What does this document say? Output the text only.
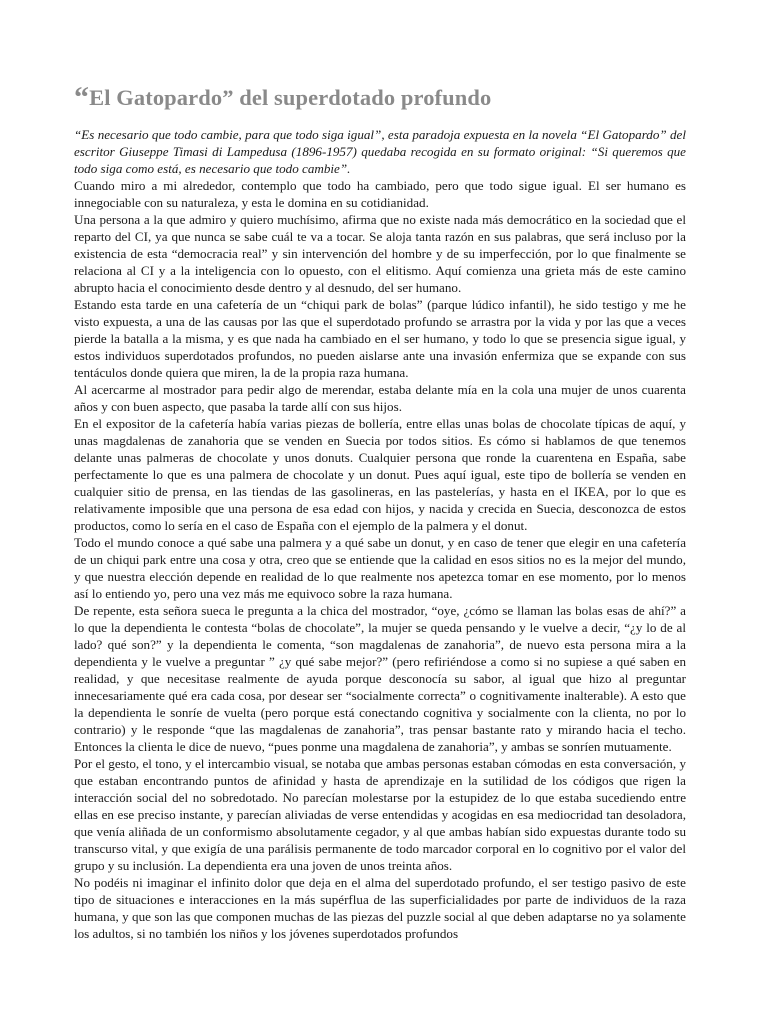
“El Gatopardo” del superdotado profundo

“Es necesario que todo cambie, para que todo siga igual”, esta paradoja expuesta en la novela “El Gatopardo” del escritor Giuseppe Timasi di Lampedusa (1896-1957) quedaba recogida en su formato original: “Si queremos que todo siga como está, es necesario que todo cambie”.

Cuando miro a mi alrededor, contemplo que todo ha cambiado, pero que todo sigue igual. El ser humano es innegociable con su naturaleza, y esta le domina en su cotidianidad.

Una persona a la que admiro y quiero muchísimo, afirma que no existe nada más democrático en la sociedad que el reparto del CI, ya que nunca se sabe cuál te va a tocar. Se aloja tanta razón en sus palabras, que será incluso por la existencia de esta “democracia real” y sin intervención del hombre y de su imperfección, por lo que finalmente se relaciona al CI y a la inteligencia con lo opuesto, con el elitismo. Aquí comienza una grieta más de este camino abrupto hacia el conocimiento desde dentro y al desnudo, del ser humano.

Estando esta tarde en una cafetería de un “chiqui park de bolas” (parque lúdico infantil), he sido testigo y me he visto expuesta, a una de las causas por las que el superdotado profundo se arrastra por la vida y por las que a veces pierde la batalla a la misma, y es que nada ha cambiado en el ser humano, y todo lo que se presencia sigue igual, y estos individuos superdotados profundos, no pueden aislarse ante una invasión enfermiza que se expande con sus tentáculos donde quiera que miren, la de la propia raza humana.

Al acercarme al mostrador para pedir algo de merendar, estaba delante mía en la cola una mujer de unos cuarenta años y con buen aspecto, que pasaba la tarde allí con sus hijos.

En el expositor de la cafetería había varias piezas de bollería, entre ellas unas bolas de chocolate típicas de aquí, y unas magdalenas de zanahoria que se venden en Suecia por todos sitios. Es cómo si hablamos de que tenemos delante unas palmeras de chocolate y unos donuts. Cualquier persona que ronde la cuarentena en España, sabe perfectamente lo que es una palmera de chocolate y un donut. Pues aquí igual, este tipo de bollería se venden en cualquier sitio de prensa, en las tiendas de las gasolineras, en las pastelerías, y hasta en el IKEA, por lo que es relativamente imposible que una persona de esa edad con hijos, y nacida y crecida en Suecia, desconozca de estos productos, como lo sería en el caso de España con el ejemplo de la palmera y el donut.

Todo el mundo conoce a qué sabe una palmera y a qué sabe un donut, y en caso de tener que elegir en una cafetería de un chiqui park entre una cosa y otra, creo que se entiende que la calidad en esos sitios no es la mejor del mundo, y que nuestra elección depende en realidad de lo que realmente nos apetezca tomar en ese momento, por lo menos así lo entiendo yo, pero una vez más me equivoco sobre la raza humana.

De repente, esta señora sueca le pregunta a la chica del mostrador, “oye, ¿cómo se llaman las bolas esas de ahí?” a lo que la dependienta le contesta “bolas de chocolate”, la mujer se queda pensando y le vuelve a decir, “¿y lo de al lado? qué son?” y la dependienta le comenta, “son magdalenas de zanahoria”, de nuevo esta persona mira a la dependienta y le vuelve a preguntar ” ¿y qué sabe mejor?” (pero refiriéndose a como si no supiese a qué saben en realidad, y que necesitase realmente de ayuda porque desconocía su sabor, al igual que hizo al preguntar innecesariamente qué era cada cosa, por desear ser “socialmente correcta” o cognitivamente inalterable). A esto que la dependienta le sonríe de vuelta (pero porque está conectando cognitiva y socialmente con la clienta, no por lo contrario) y le responde “que las magdalenas de zanahoria”, tras pensar bastante rato y mirando hacia el techo. Entonces la clienta le dice de nuevo, “pues ponme una magdalena de zanahoria”, y ambas se sonríen mutuamente.

Por el gesto, el tono, y el intercambio visual, se notaba que ambas personas estaban cómodas en esta conversación, y que estaban encontrando puntos de afinidad y hasta de aprendizaje en la sutilidad de los códigos que rigen la interacción social del no sobredotado. No parecían molestarse por la estupidez de lo que estaba sucediendo entre ellas en ese preciso instante, y parecían aliviadas de verse entendidas y acogidas en esa mediocridad tan desoladora, que venía aliñada de un conformismo absolutamente cegador, y al que ambas habían sido expuestas durante todo su transcurso vital, y que exigía de una parálisis permanente de todo marcador corporal en lo cognitivo por el valor del grupo y su inclusión. La dependienta era una joven de unos treinta años.

No podéis ni imaginar el infinito dolor que deja en el alma del superdotado profundo, el ser testigo pasivo de este tipo de situaciones e interacciones en la más supérflua de las superficialidades por parte de individuos de la raza humana, y que son las que componen muchas de las piezas del puzzle social al que deben adaptarse no ya solamente los adultos, si no también los niños y los jóvenes superdotados profundos
